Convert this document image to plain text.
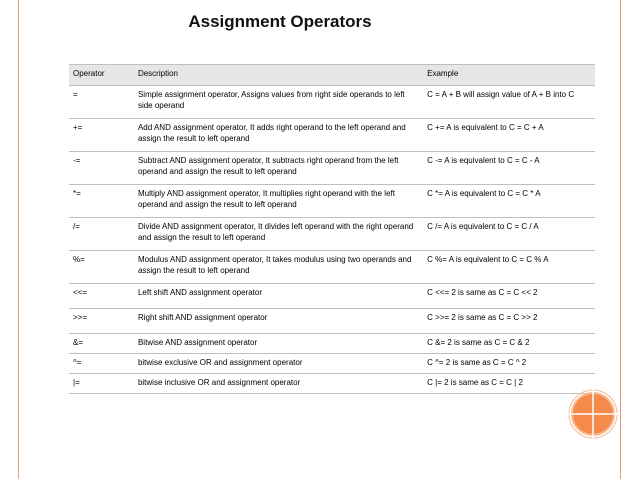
Assignment Operators
Operator	Description	Example
=	Simple assignment operator, Assigns values from right side operands to left side operand	C = A + B will assign value of A + B into C
+=	Add AND assignment operator, It adds right operand to the left operand and assign the result to left operand	C += A is equivalent to C = C + A
-=	Subtract AND assignment operator, It subtracts right operand from the left operand and assign the result to left operand	C -= A is equivalent to C = C - A
*=	Multiply AND assignment operator, It multiplies right operand with the left operand and assign the result to left operand	C *= A is equivalent to C = C * A
/=	Divide AND assignment operator, It divides left operand with the right operand and assign the result to left operand	C /= A is equivalent to C = C / A
%=	Modulus AND assignment operator, It takes modulus using two operands and assign the result to left operand	C %= A is equivalent to C = C % A
<<=	Left shift AND assignment operator	C <<= 2 is same as C = C << 2
>>=	Right shift AND assignment operator	C >>= 2 is same as C = C >> 2
&=	Bitwise AND assignment operator	C &= 2 is same as C = C & 2
^=	bitwise exclusive OR and assignment operator	C ^= 2 is same as C = C ^ 2
|=	bitwise inclusive OR and assignment operator	C |= 2 is same as C = C | 2
